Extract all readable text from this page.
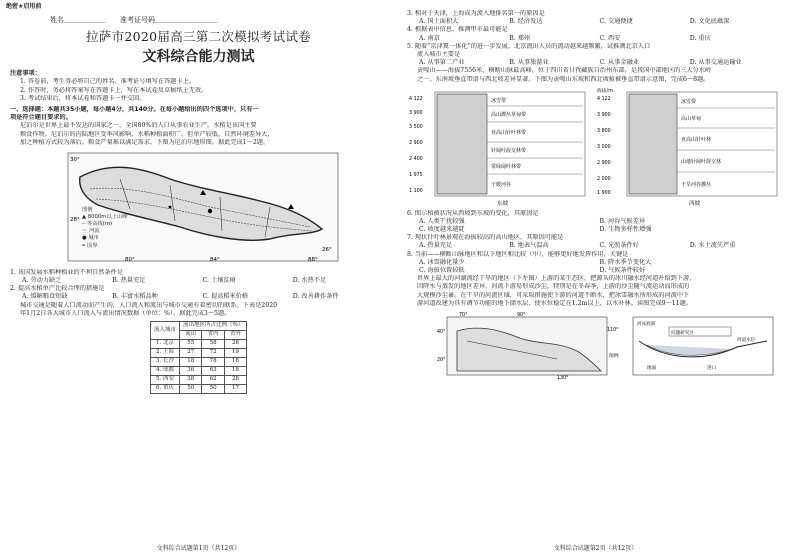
绝密★启用前
姓名＿＿＿＿＿＿　　准考证号码＿＿＿＿＿＿＿＿＿
拉萨市2020届高三第二次模拟考试试卷
文科综合能力测试
注意事项：
1. 答卷前，考生务必将自己的姓名、准考证号填写在答题卡上。
2. 作答时，务必将答案写在答题卡上，写在本试卷及草稿纸上无效。
3. 考试结束后，将本试卷和答题卡一并交回。
一、选择题：本题共35小题，每小题4分，共140分。在每小题给出的四个选项中，只有一
项是符合题目要求的。
尼泊尔是世界上最不发达的国家之一，全国80%的人口从事农业生产，水稻是该国主要
粮食作物。尼泊尔的内陆地区受季风影响，水稻种植面积广，但单产较低，自然环境差异大，
加之种植方式较为落后，粮食产量难以满足需求。下图为尼泊尔地形图。据此完成1～2题。
30°
28°
80°	84°	88°
26°
图例
▲ 8000m以上山峰
┄ 等高线(m)
～ 河流
● 城市
━ 国界
1. 该国发展水稻种植业的不利自然条件是
A. 劳动力缺乏	B. 热量充足	C. 土壤贫瘠	D. 水热不足
2. 提高水稻单产比较合理的措施是
A. 缓解粮食短缺	B. 丰富水稻品种	C. 提高稻米价格	D. 改善耕作条件
城市交通是随着人口流动而产生的，人口流入和流出与城市交通有着密切的联系。下表是2020
年1月2日各大城市人口流入与流出情况数据（单位：%）。据此完成3～5题。
流入城市	流出地区所占比例（%）		
	流出	省内	省外
1. 北京	55	58	28
2. 上海	27	72	19
3. 长沙	18	78	18
4. 成都	36	63	18
5. 西安	38	62	28
6. 重庆	50	50	17
文科综合试题第1页（共12页）
3. 相对于天津，上海成为流入地排名第一的原因是
A. 国土面积大	B. 经济发达	C. 交通便捷	D. 文化底蕴深
4. 根据表中信息，推测甲市最可能是
A. 南京	B. 郑州	C. 西安	D. 重庆
5. 随着“京津冀一体化”的进一步发展，北京流出人员的流动越来越频繁，试推测北京人口
流入城市主要是
A. 从事第二产业	B. 从事旅游业	C. 从事金融业	D. 从事交通运输业
贡嘎山——海拔7556米，横断山脉最高峰，位于四川省甘孜藏族自治州东部，是我国中部地区的三大分水岭
之一。东南坡垂直带谱与西北坡差异显著。下图为贡嘎山东坡和西北坡植被垂直带谱示意图，完成6～8题。
冰雪带
高山灌丛草甸带
亚高山针叶林带
针阔叶混交林带
常绿阔叶林带
干暖河谷
4 122
3 900
3 500
2 900
2 400
1 975
1 100
东坡
冰雪带
高山草甸
亚高山针叶林
山地针阔叶混交林
干旱河谷灌丛
4 122
3 900
3 800
3 000
2 900
2 000
1 900
西坡
海拔/m
6. 图示植被状况从西坡到东坡的变化，其原因是
A. 人类干扰较强	B. 河谷气候差异
C. 坡度越来越陡	D. 生物多样性增强
7. 现状针叶林景观在海拔较高的高山地区，其原因可能是
A. 热量充足	B. 地表气温高	C. 光照条件好	D. 水土流失严重
8. 当前——横断山脉地区和以下地区相比较（中），能够更好地发挥作用，关键是
A. 冰雪融化量少	B. 降水季节变化大
C. 海拔位置较低	D. 气候条件较好
世界上最大的河湖流经干旱的地区（下左图）上游的某生态区，把源头的冰川融水经河道补给到下游，
因降水与蒸发的地区差异，河流下游易形成沙尘，特别是在冬春季，上游的沙尘随气流运动而形成的
大规模沙尘暴。在干旱的河流区域，可采取措施使下游的河道不断水，把冰雪融水所形成的河流中下
游河道改建为具有调节功能的地下储水层，使水位稳定在1.2m以上，以水补林。读图完成9～11题。
70°	90°
110°
130°
40°
20°
图例
问题研究区
河床底部
河道水位
地面	进口
文科综合试题第2页（共12页）
